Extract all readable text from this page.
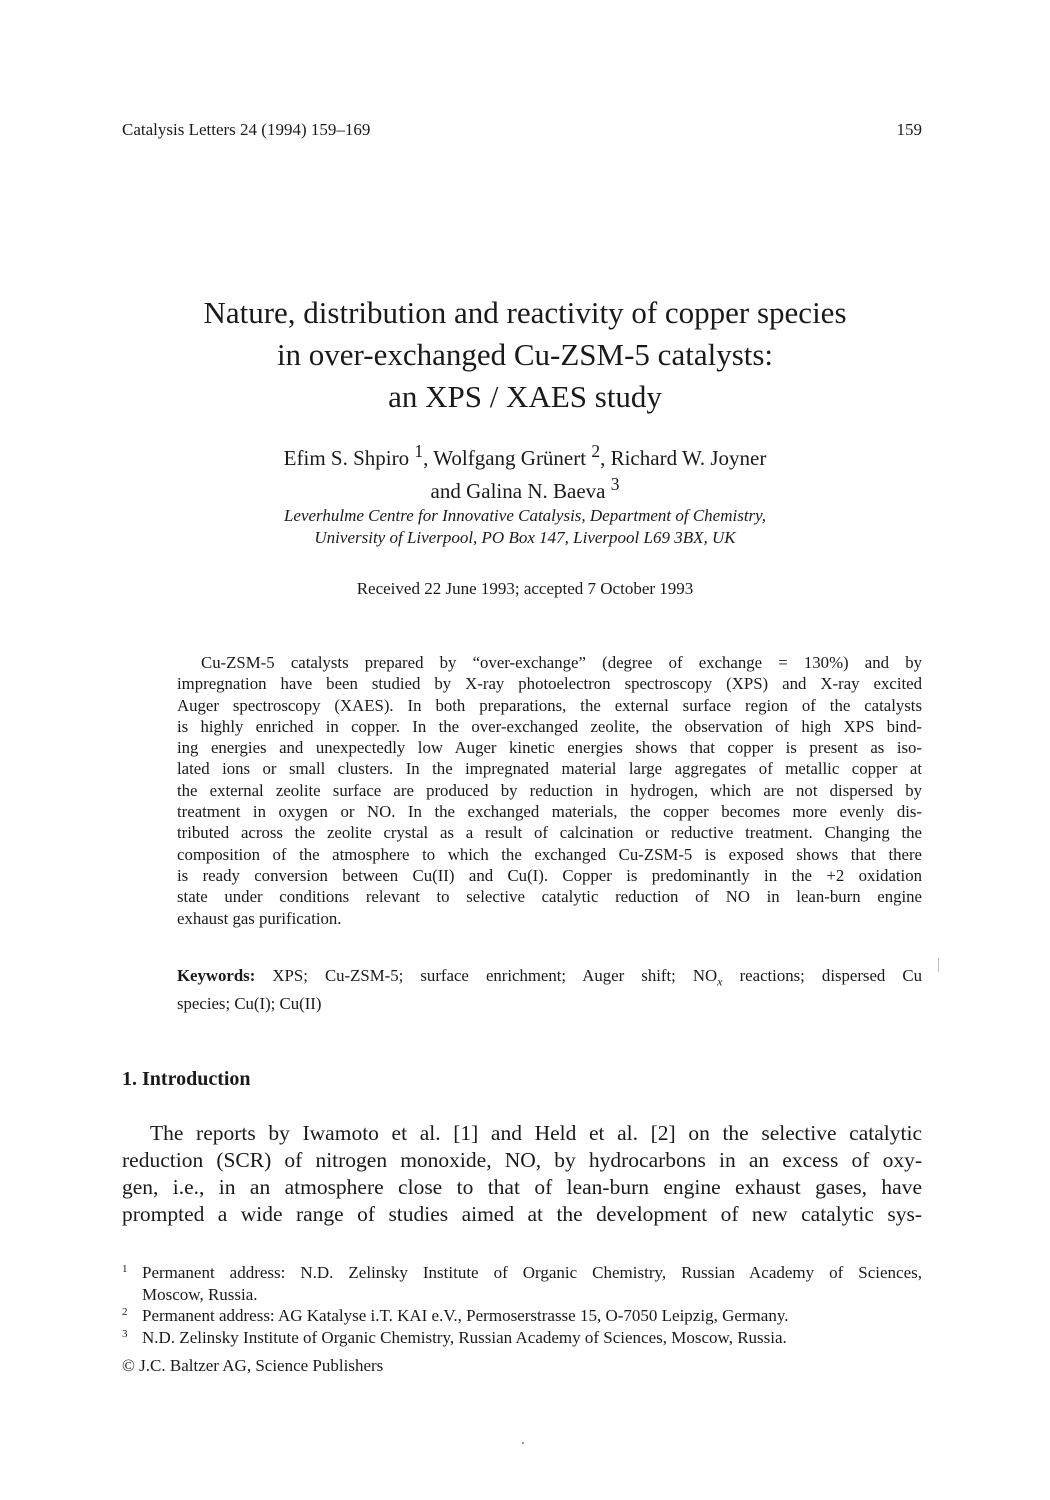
Catalysis Letters 24 (1994) 159–169	159
Nature, distribution and reactivity of copper species
in over-exchanged Cu-ZSM-5 catalysts:
an XPS / XAES study
Efim S. Shpiro $^1$, Wolfgang Grünert $^2$, Richard W. Joyner
and Galina N. Baeva $^3$
Leverhulme Centre for Innovative Catalysis, Department of Chemistry,
University of Liverpool, PO Box 147, Liverpool L69 3BX, UK
Received 22 June 1993; accepted 7 October 1993
Cu-ZSM-5 catalysts prepared by “over-exchange” (degree of exchange = 130%) and by
impregnation have been studied by X-ray photoelectron spectroscopy (XPS) and X-ray excited
Auger spectroscopy (XAES). In both preparations, the external surface region of the catalysts
is highly enriched in copper. In the over-exchanged zeolite, the observation of high XPS bind-
ing energies and unexpectedly low Auger kinetic energies shows that copper is present as iso-
lated ions or small clusters. In the impregnated material large aggregates of metallic copper at
the external zeolite surface are produced by reduction in hydrogen, which are not dispersed by
treatment in oxygen or NO. In the exchanged materials, the copper becomes more evenly dis-
tributed across the zeolite crystal as a result of calcination or reductive treatment. Changing the
composition of the atmosphere to which the exchanged Cu-ZSM-5 is exposed shows that there
is ready conversion between Cu(II) and Cu(I). Copper is predominantly in the +2 oxidation
state under conditions relevant to selective catalytic reduction of NO in lean-burn engine
exhaust gas purification.
Keywords: XPS; Cu-ZSM-5; surface enrichment; Auger shift; $NO_x$ reactions; dispersed Cu
species; Cu(I); Cu(II)
1. Introduction
The reports by Iwamoto et al. [1] and Held et al. [2] on the selective catalytic
reduction (SCR) of nitrogen monoxide, NO, by hydrocarbons in an excess of oxy-
gen, i.e., in an atmosphere close to that of lean-burn engine exhaust gases, have
prompted a wide range of studies aimed at the development of new catalytic sys-
1 Permanent address: N.D. Zelinsky Institute of Organic Chemistry, Russian Academy of Sciences,
Moscow, Russia.
2 Permanent address: AG Katalyse i.T. KAI e.V., Permoserstrasse 15, O-7050 Leipzig, Germany.
3 N.D. Zelinsky Institute of Organic Chemistry, Russian Academy of Sciences, Moscow, Russia.
© J.C. Baltzer AG, Science Publishers
